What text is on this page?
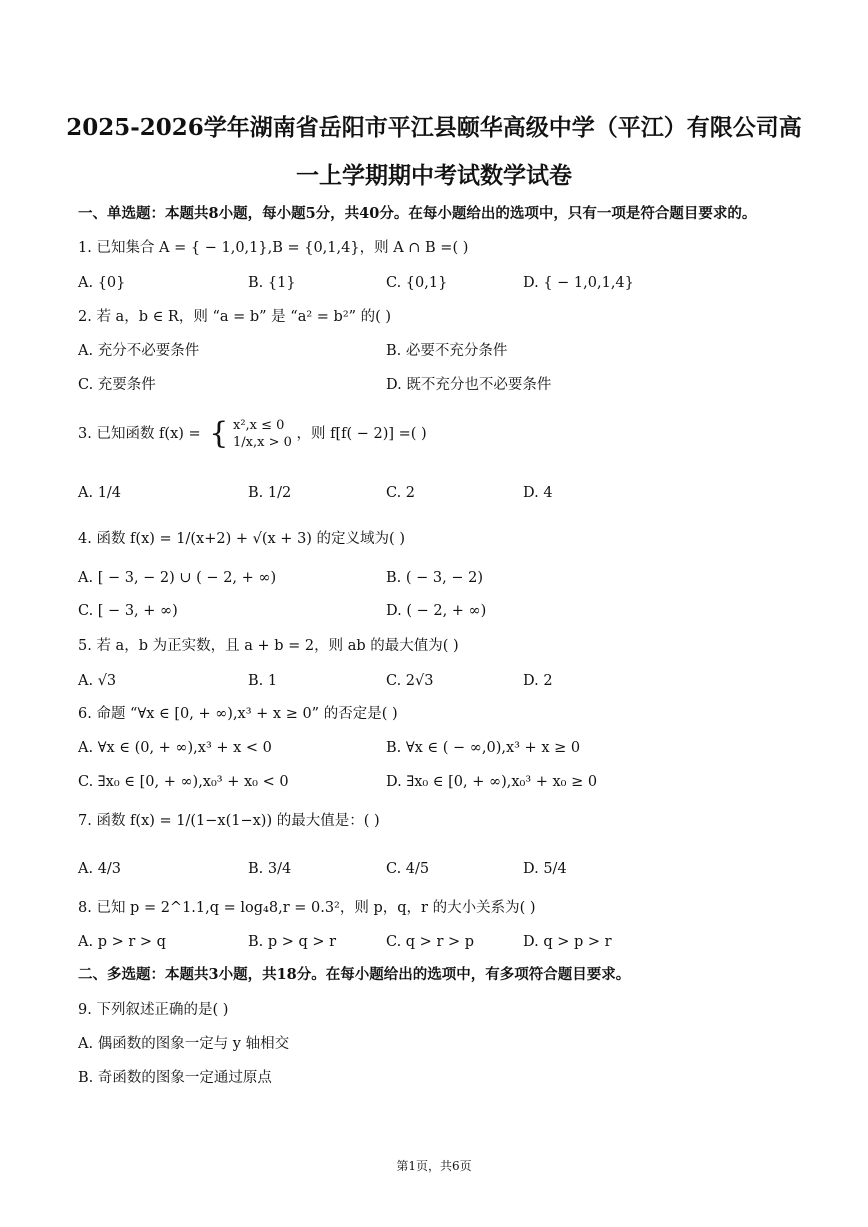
2025-2026学年湖南省岳阳市平江县颐华高级中学（平江）有限公司高
一上学期期中考试数学试卷
一、单选题：本题共8小题，每小题5分，共40分。在每小题给出的选项中，只有一项是符合题目要求的。
1. 已知集合 A = { − 1,0,1},B = {0,1,4}，则 A ∩ B =( )
A. {0}	B. {1}	C. {0,1}	D. { − 1,0,1,4}
2. 若 a，b ∈ R，则 “a = b” 是 “a² = b²” 的( )
A. 充分不必要条件	B. 必要不充分条件
C. 充要条件	D. 既不充分也不必要条件
3. 已知函数 f(x) = { x²,x ≤ 0
1/x,x > 0
，则 f[f( − 2)] =( )
A. 1/4	B. 1/2	C. 2	D. 4
4. 函数 f(x) = 1/(x+2) + √(x + 3) 的定义域为( )
A. [ − 3, − 2) ∪ ( − 2, + ∞)	B. ( − 3, − 2)
C. [ − 3, + ∞)	D. ( − 2, + ∞)
5. 若 a，b 为正实数，且 a + b = 2，则 ab 的最大值为( )
A. √3	B. 1	C. 2√3	D. 2
6. 命题 “∀x ∈ [0, + ∞),x³ + x ≥ 0” 的否定是( )
A. ∀x ∈ (0, + ∞),x³ + x < 0	B. ∀x ∈ ( − ∞,0),x³ + x ≥ 0
C. ∃x₀ ∈ [0, + ∞),x₀³ + x₀ < 0	D. ∃x₀ ∈ [0, + ∞),x₀³ + x₀ ≥ 0
7. 函数 f(x) = 1/(1−x(1−x)) 的最大值是：( )
A. 4/3	B. 3/4	C. 4/5	D. 5/4
8. 已知 p = 2^1.1,q = log₄8,r = 0.3²，则 p，q，r 的大小关系为( )
A. p > r > q	B. p > q > r	C. q > r > p	D. q > p > r
二、多选题：本题共3小题，共18分。在每小题给出的选项中，有多项符合题目要求。
9. 下列叙述正确的是( )
A. 偶函数的图象一定与 y 轴相交
B. 奇函数的图象一定通过原点
第1页，共6页
